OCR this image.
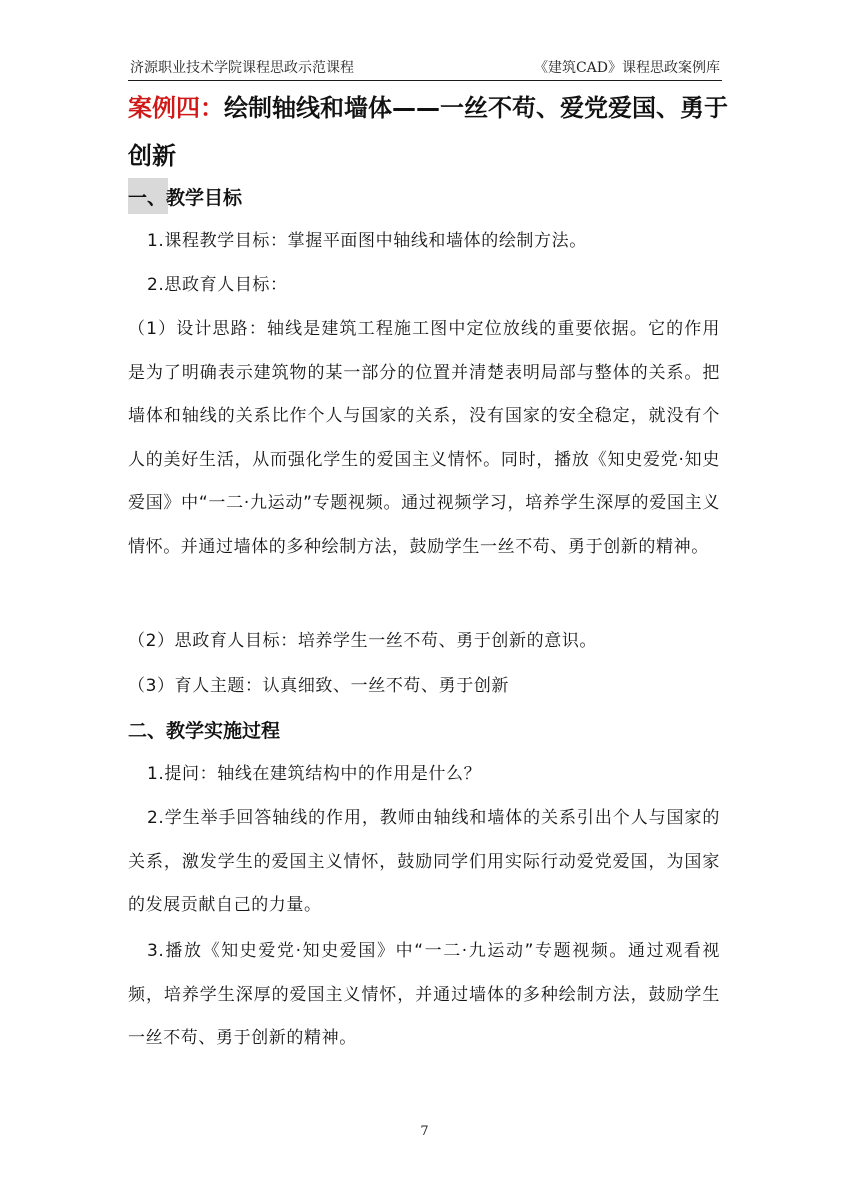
济源职业技术学院课程思政示范课程	《建筑CAD》课程思政案例库
案例四：绘制轴线和墙体——一丝不苟、爱党爱国、勇于创新
一、教学目标
1.课程教学目标：掌握平面图中轴线和墙体的绘制方法。
2.思政育人目标：
（1）设计思路：轴线是建筑工程施工图中定位放线的重要依据。它的作用是为了明确表示建筑物的某一部分的位置并清楚表明局部与整体的关系。把墙体和轴线的关系比作个人与国家的关系，没有国家的安全稳定，就没有个人的美好生活，从而强化学生的爱国主义情怀。同时，播放《知史爱党·知史爱国》中“一二·九运动”专题视频。通过视频学习，培养学生深厚的爱国主义情怀。并通过墙体的多种绘制方法，鼓励学生一丝不苟、勇于创新的精神。
（2）思政育人目标：培养学生一丝不苟、勇于创新的意识。
（3）育人主题：认真细致、一丝不苟、勇于创新
二、教学实施过程
1.提问：轴线在建筑结构中的作用是什么？
2.学生举手回答轴线的作用，教师由轴线和墙体的关系引出个人与国家的关系，激发学生的爱国主义情怀，鼓励同学们用实际行动爱党爱国，为国家的发展贡献自己的力量。
3.播放《知史爱党·知史爱国》中“一二·九运动”专题视频。通过观看视频，培养学生深厚的爱国主义情怀，并通过墙体的多种绘制方法，鼓励学生一丝不苟、勇于创新的精神。
7
